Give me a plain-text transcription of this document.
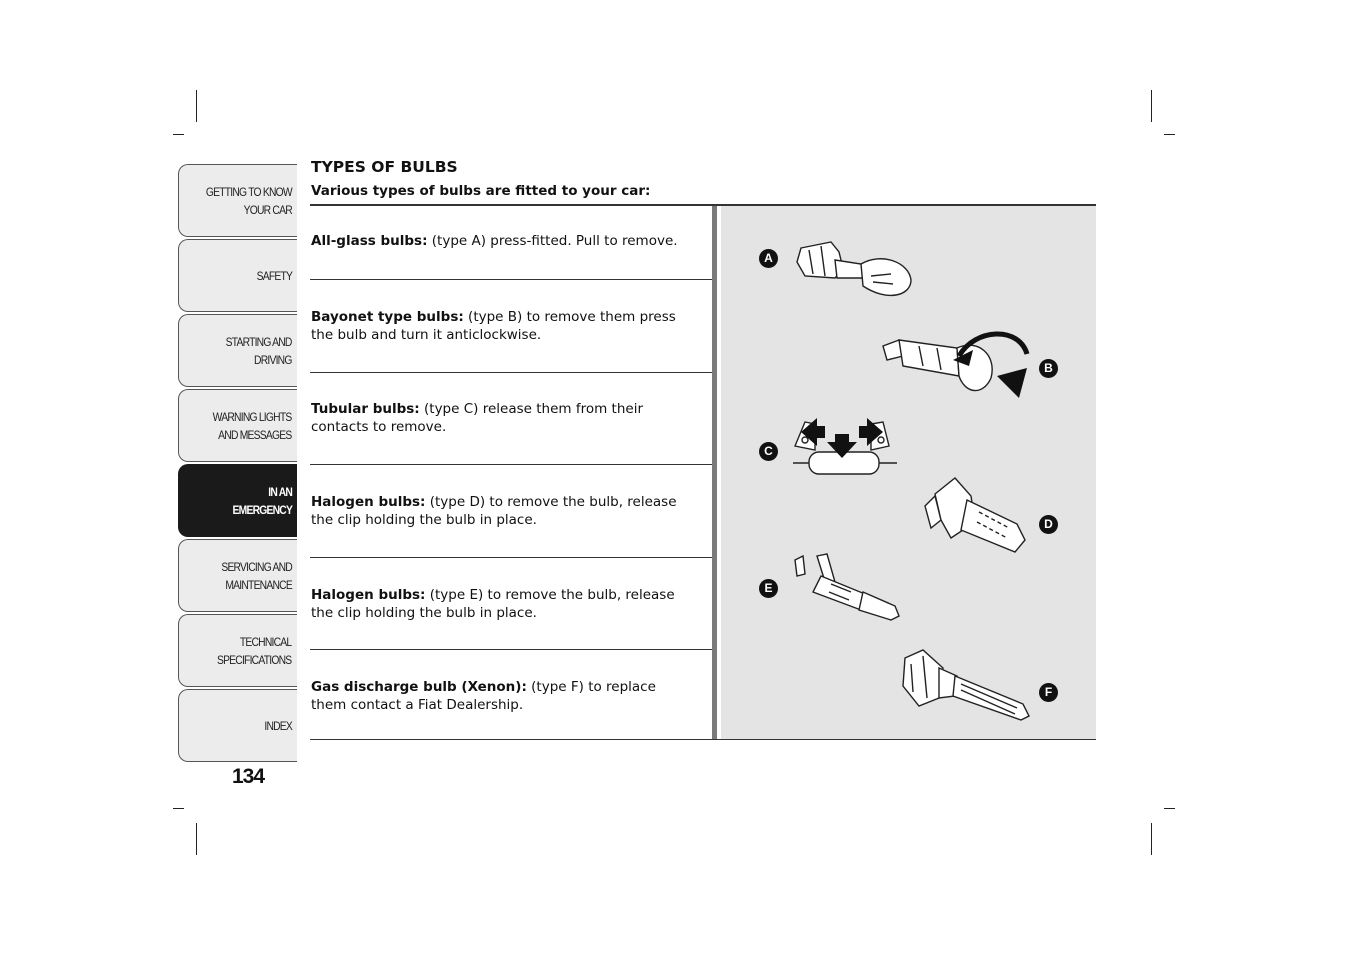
GETTING TO KNOW
YOUR CAR
SAFETY
STARTING AND
DRIVING
WARNING LIGHTS
AND MESSAGES
IN AN
EMERGENCY
SERVICING AND
MAINTENANCE
TECHNICAL
SPECIFICATIONS
INDEX
134
TYPES OF BULBS
Various types of bulbs are fitted to your car:
All-glass bulbs: (type A) press-fitted. Pull to remove.
Bayonet type bulbs: (type B) to remove them press the bulb and turn it anticlockwise.
Tubular bulbs: (type C) release them from their contacts to remove.
Halogen bulbs: (type D) to remove the bulb, release the clip holding the bulb in place.
Halogen bulbs: (type E) to remove the bulb, release the clip holding the bulb in place.
Gas discharge bulb (Xenon): (type F) to replace them contact a Fiat Dealership.
A
B
C
D
E
F
